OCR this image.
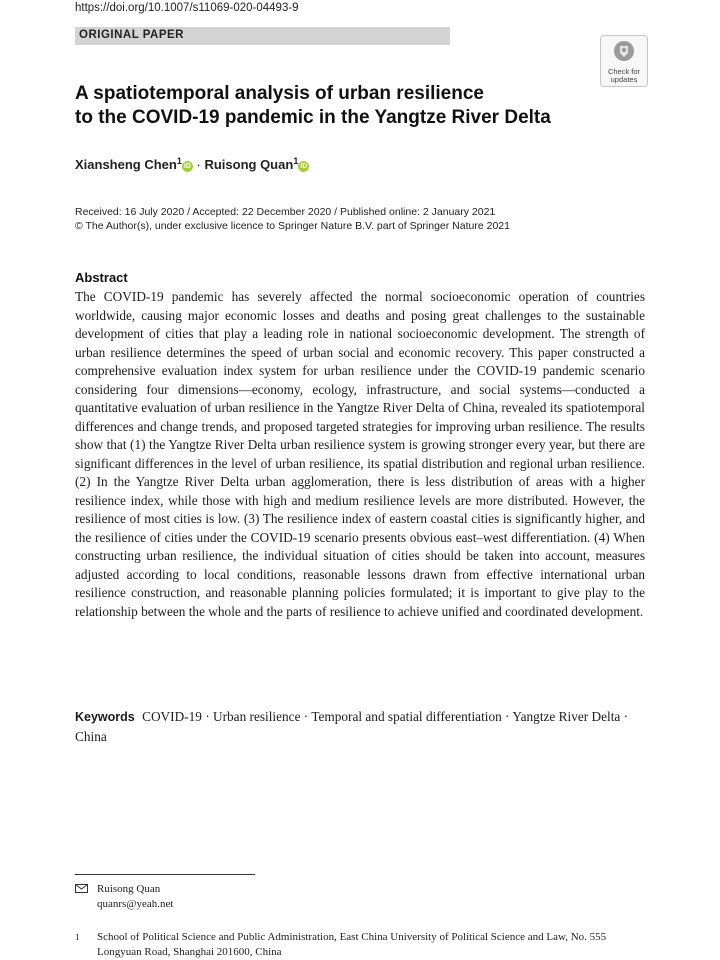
https://doi.org/10.1007/s11069-020-04493-9
ORIGINAL PAPER
Check for
updates
A spatiotemporal analysis of urban resilience
to the COVID-19 pandemic in the Yangtze River Delta
Xiansheng Chen$^1$iD · Ruisong Quan$^1$iD
Received: 16 July 2020 / Accepted: 22 December 2020 / Published online: 2 January 2021
© The Author(s), under exclusive licence to Springer Nature B.V. part of Springer Nature 2021
Abstract

The COVID-19 pandemic has severely affected the normal socioeconomic operation of countries worldwide, causing major economic losses and deaths and posing great challenges to the sustainable development of cities that play a leading role in national socioeconomic development. The strength of urban resilience determines the speed of urban social and economic recovery. This paper constructed a comprehensive evaluation index system for urban resilience under the COVID-19 pandemic scenario considering four dimensions—economy, ecology, infrastructure, and social systems—conducted a quantitative evaluation of urban resilience in the Yangtze River Delta of China, revealed its spatiotemporal differences and change trends, and proposed targeted strategies for improving urban resilience. The results show that (1) the Yangtze River Delta urban resilience system is growing stronger every year, but there are significant differences in the level of urban resilience, its spatial distribution and regional urban resilience. (2) In the Yangtze River Delta urban agglomeration, there is less distribution of areas with a higher resilience index, while those with high and medium resilience levels are more distributed. However, the resilience of most cities is low. (3) The resilience index of eastern coastal cities is significantly higher, and the resilience of cities under the COVID-19 scenario presents obvious east–west differentiation. (4) When constructing urban resilience, the individual situation of cities should be taken into account, measures adjusted according to local conditions, reasonable lessons drawn from effective international urban resilience construction, and reasonable planning policies formulated; it is important to give play to the relationship between the whole and the parts of resilience to achieve unified and coordinated development.

Keywords COVID-19 · Urban resilience · Temporal and spatial differentiation · Yangtze River Delta · China
Ruisong Quan
quanrs@yeah.net
1 School of Political Science and Public Administration, East China University of Political Science and Law, No. 555 Longyuan Road, Shanghai 201600, China
